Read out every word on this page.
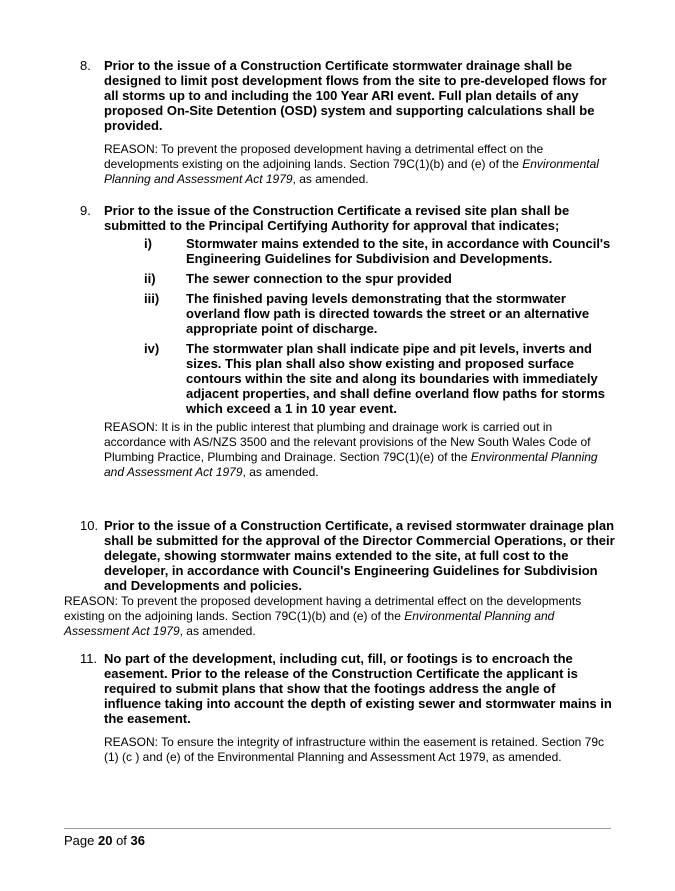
8. Prior to the issue of a Construction Certificate stormwater drainage shall be designed to limit post development flows from the site to pre-developed flows for all storms up to and including the 100 Year ARI event. Full plan details of any proposed On-Site Detention (OSD) system and supporting calculations shall be provided.
REASON: To prevent the proposed development having a detrimental effect on the developments existing on the adjoining lands. Section 79C(1)(b) and (e) of the Environmental Planning and Assessment Act 1979, as amended.
9. Prior to the issue of the Construction Certificate a revised site plan shall be submitted to the Principal Certifying Authority for approval that indicates;
i)	Stormwater mains extended to the site, in accordance with Council's Engineering Guidelines for Subdivision and Developments.
ii) The sewer connection to the spur provided
iii) The finished paving levels demonstrating that the stormwater overland flow path is directed towards the street or an alternative appropriate point of discharge.
iv) The stormwater plan shall indicate pipe and pit levels, inverts and sizes. This plan shall also show existing and proposed surface contours within the site and along its boundaries with immediately adjacent properties, and shall define overland flow paths for storms which exceed a 1 in 10 year event.
REASON: It is in the public interest that plumbing and drainage work is carried out in accordance with AS/NZS 3500 and the relevant provisions of the New South Wales Code of Plumbing Practice, Plumbing and Drainage. Section 79C(1)(e) of the Environmental Planning and Assessment Act 1979, as amended.
10. Prior to the issue of a Construction Certificate, a revised stormwater drainage plan shall be submitted for the approval of the Director Commercial Operations, or their delegate, showing stormwater mains extended to the site, at full cost to the developer, in accordance with Council's Engineering Guidelines for Subdivision and Developments and policies.
REASON: To prevent the proposed development having a detrimental effect on the developments existing on the adjoining lands. Section 79C(1)(b) and (e) of the Environmental Planning and Assessment Act 1979, as amended.
11. No part of the development, including cut, fill, or footings is to encroach the easement. Prior to the release of the Construction Certificate the applicant is required to submit plans that show that the footings address the angle of influence taking into account the depth of existing sewer and stormwater mains in the easement.
REASON: To ensure the integrity of infrastructure within the easement is retained. Section 79c (1) (c ) and (e) of the Environmental Planning and Assessment Act 1979, as amended.
Page 20 of 36
